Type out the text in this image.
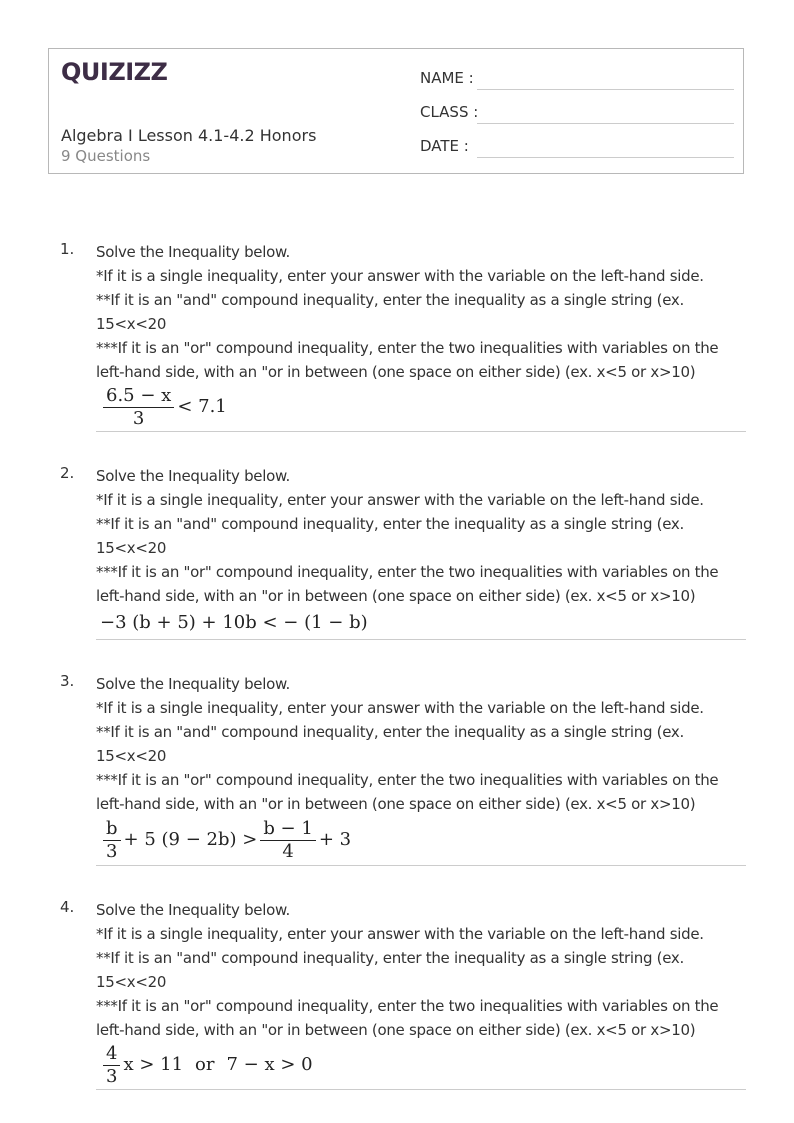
QUIZIZZ
Algebra I Lesson 4.1-4.2 Honors
9 Questions
NAME :
CLASS :
DATE :
1. Solve the Inequality below.
*If it is a single inequality, enter your answer with the variable on the left-hand side.
**If it is an "and" compound inequality, enter the inequality as a single string (ex.
15<x<20
***If it is an "or" compound inequality, enter the two inequalities with variables on the
left-hand side, with an "or in between (one space on either side) (ex. x<5 or x>10)
$\frac{6.5 - x}{3} < 7.1$
2. Solve the Inequality below.
*If it is a single inequality, enter your answer with the variable on the left-hand side.
**If it is an "and" compound inequality, enter the inequality as a single string (ex.
15<x<20
***If it is an "or" compound inequality, enter the two inequalities with variables on the
left-hand side, with an "or in between (one space on either side) (ex. x<5 or x>10)
−3 (b + 5) + 10b < − (1 − b)
3. Solve the Inequality below.
*If it is a single inequality, enter your answer with the variable on the left-hand side.
**If it is an "and" compound inequality, enter the inequality as a single string (ex.
15<x<20
***If it is an "or" compound inequality, enter the two inequalities with variables on the
left-hand side, with an "or in between (one space on either side) (ex. x<5 or x>10)
$\frac{b}{3} + 5$ $(9 - 2b) > \frac{b - 1}{4} + 3$
4. Solve the Inequality below.
*If it is a single inequality, enter your answer with the variable on the left-hand side.
**If it is an "and" compound inequality, enter the inequality as a single string (ex.
15<x<20
***If it is an "or" compound inequality, enter the two inequalities with variables on the
left-hand side, with an "or in between (one space on either side) (ex. x<5 or x>10)
$\frac{4}{3}$ x > 11 or 7 − x > 0
